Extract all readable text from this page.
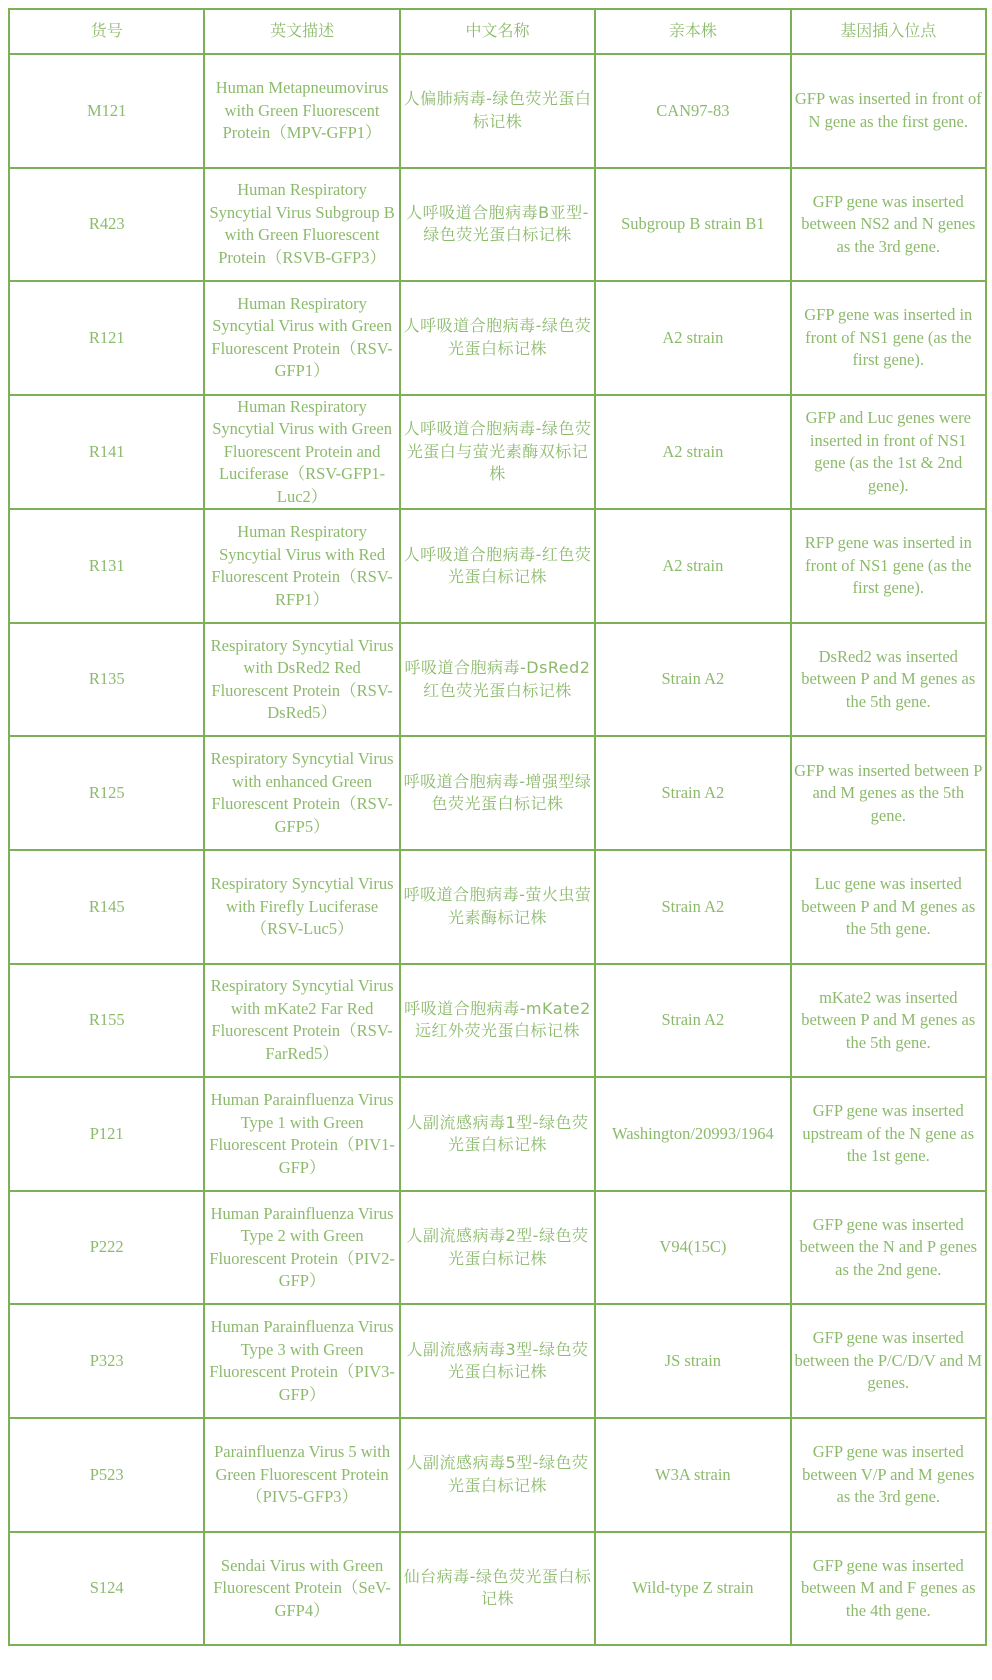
货号	英文描述	中文名称	亲本株	基因插入位点
M121	Human Metapneumovirus with Green Fluorescent Protein（MPV-GFP1）	人偏肺病毒-绿色荧光蛋白标记株	CAN97-83	GFP was inserted in front of N gene as the first gene.
R423	Human Respiratory Syncytial Virus Subgroup B with Green Fluorescent Protein（RSVB-GFP3）	人呼吸道合胞病毒B亚型-绿色荧光蛋白标记株	Subgroup B strain B1	GFP gene was inserted between NS2 and N genes as the 3rd gene.
R121	Human Respiratory Syncytial Virus with Green Fluorescent Protein（RSV-GFP1）	人呼吸道合胞病毒-绿色荧光蛋白标记株	A2 strain	GFP gene was inserted in front of NS1 gene (as the first gene).
R141	Human Respiratory Syncytial Virus with Green Fluorescent Protein and Luciferase（RSV-GFP1-Luc2）	人呼吸道合胞病毒-绿色荧光蛋白与萤光素酶双标记株	A2 strain	GFP and Luc genes were inserted in front of NS1 gene (as the 1st & 2nd gene).
R131	Human Respiratory Syncytial Virus with Red Fluorescent Protein（RSV-RFP1）	人呼吸道合胞病毒-红色荧光蛋白标记株	A2 strain	RFP gene was inserted in front of NS1 gene (as the first gene).
R135	Respiratory Syncytial Virus with DsRed2 Red Fluorescent Protein（RSV-DsRed5）	呼吸道合胞病毒-DsRed2红色荧光蛋白标记株	Strain A2	DsRed2 was inserted between P and M genes as the 5th gene.
R125	Respiratory Syncytial Virus with enhanced Green Fluorescent Protein（RSV-GFP5）	呼吸道合胞病毒-增强型绿色荧光蛋白标记株	Strain A2	GFP was inserted between P and M genes as the 5th gene.
R145	Respiratory Syncytial Virus with Firefly Luciferase（RSV-Luc5）	呼吸道合胞病毒-萤火虫萤光素酶标记株	Strain A2	Luc gene was inserted between P and M genes as the 5th gene.
R155	Respiratory Syncytial Virus with mKate2 Far Red Fluorescent Protein（RSV-FarRed5）	呼吸道合胞病毒-mKate2远红外荧光蛋白标记株	Strain A2	mKate2 was inserted between P and M genes as the 5th gene.
P121	Human Parainfluenza Virus Type 1 with Green Fluorescent Protein（PIV1-GFP）	人副流感病毒1型-绿色荧光蛋白标记株	Washington/20993/1964	GFP gene was inserted upstream of the N gene as the 1st gene.
P222	Human Parainfluenza Virus Type 2 with Green Fluorescent Protein（PIV2-GFP）	人副流感病毒2型-绿色荧光蛋白标记株	V94(15C)	GFP gene was inserted between the N and P genes as the 2nd gene.
P323	Human Parainfluenza Virus Type 3 with Green Fluorescent Protein（PIV3-GFP）	人副流感病毒3型-绿色荧光蛋白标记株	JS strain	GFP gene was inserted between the P/C/D/V and M genes.
P523	Parainfluenza Virus 5 with Green Fluorescent Protein（PIV5-GFP3）	人副流感病毒5型-绿色荧光蛋白标记株	W3A strain	GFP gene was inserted between V/P and M genes as the 3rd gene.
S124	Sendai Virus with Green Fluorescent Protein（SeV-GFP4）	仙台病毒-绿色荧光蛋白标记株	Wild-type Z strain	GFP gene was inserted between M and F genes as the 4th gene.
